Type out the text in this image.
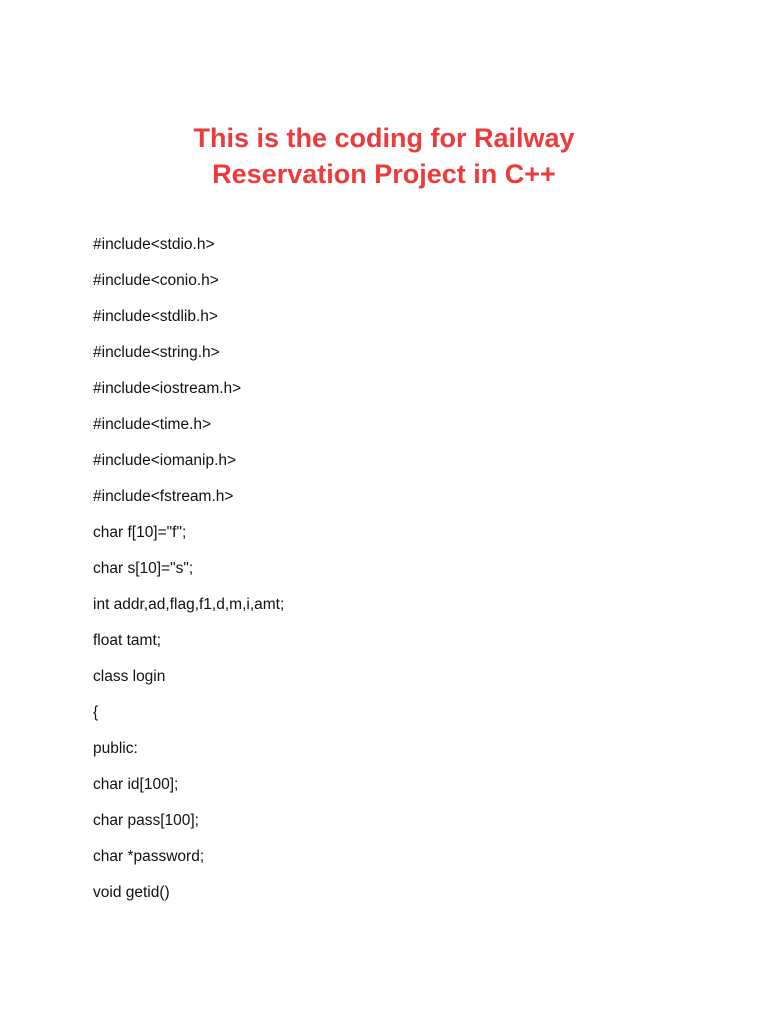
This is the coding for Railway
Reservation Project in C++
#include<stdio.h>
#include<conio.h>
#include<stdlib.h>
#include<string.h>
#include<iostream.h>
#include<time.h>
#include<iomanip.h>
#include<fstream.h>
char f[10]="f";
char s[10]="s";
int addr,ad,flag,f1,d,m,i,amt;
float tamt;
class login
{
public:
char id[100];
char pass[100];
char *password;
void getid()
